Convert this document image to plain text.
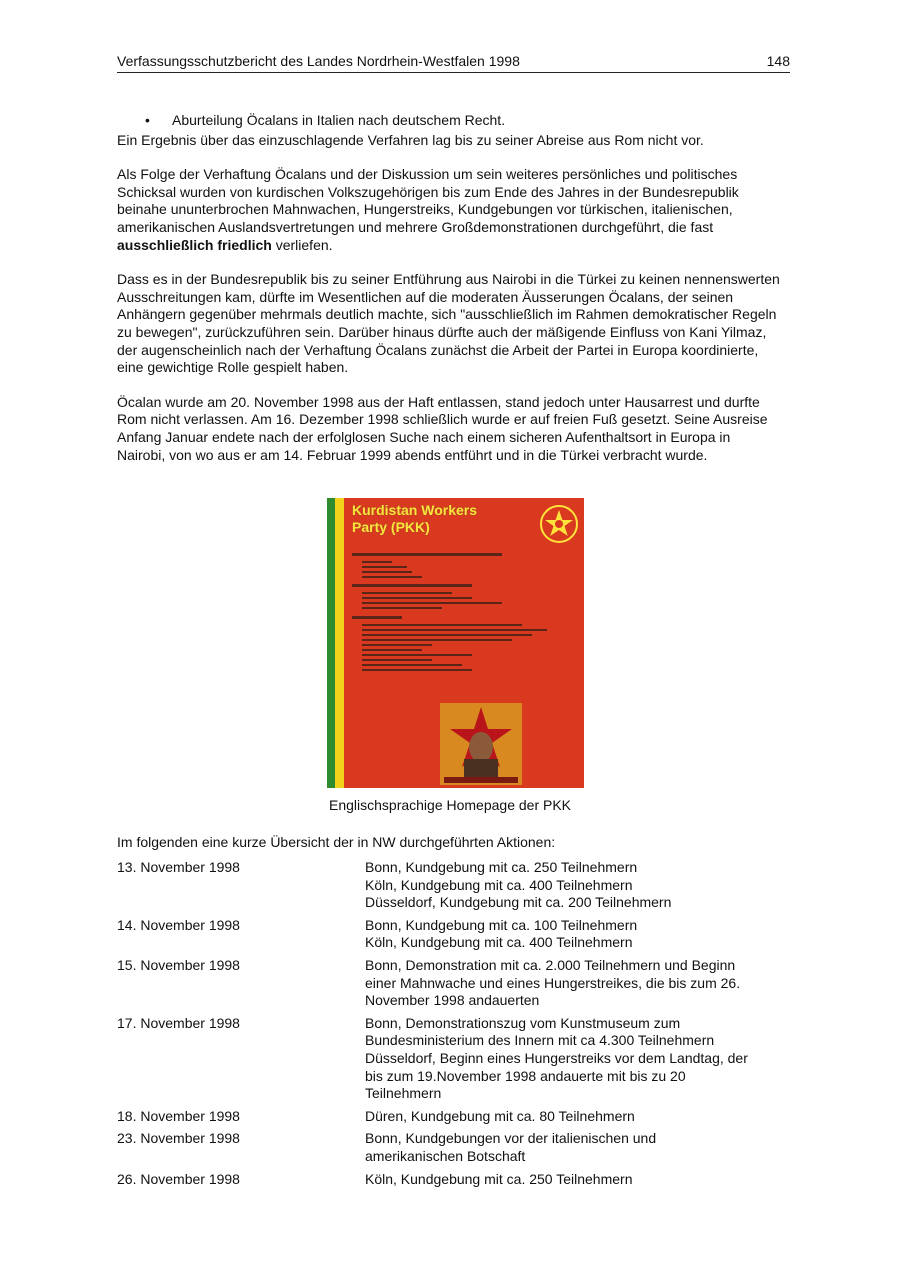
Verfassungsschutzbericht des Landes Nordrhein-Westfalen 1998	148
• Aburteilung Öcalans in Italien nach deutschem Recht.

Ein Ergebnis über das einzuschlagende Verfahren lag bis zu seiner Abreise aus Rom nicht vor.

Als Folge der Verhaftung Öcalans und der Diskussion um sein weiteres persönliches und politisches Schicksal wurden von kurdischen Volkszugehörigen bis zum Ende des Jahres in der Bundesrepublik beinahe ununterbrochen Mahnwachen, Hungerstreiks, Kundgebungen vor türkischen, italienischen, amerikanischen Auslandsvertretungen und mehrere Großdemonstrationen durchgeführt, die fast ausschließlich friedlich verliefen.

Dass es in der Bundesrepublik bis zu seiner Entführung aus Nairobi in die Türkei zu keinen nennenswerten Ausschreitungen kam, dürfte im Wesentlichen auf die moderaten Äusserungen Öcalans, der seinen Anhängern gegenüber mehrmals deutlich machte, sich "ausschließlich im Rahmen demokratischer Regeln zu bewegen", zurückzuführen sein. Darüber hinaus dürfte auch der mäßigende Einfluss von Kani Yilmaz, der augenscheinlich nach der Verhaftung Öcalans zunächst die Arbeit der Partei in Europa koordinierte, eine gewichtige Rolle gespielt haben.

Öcalan wurde am 20. November 1998 aus der Haft entlassen, stand jedoch unter Hausarrest und durfte Rom nicht verlassen. Am 16. Dezember 1998 schließlich wurde er auf freien Fuß gesetzt. Seine Ausreise Anfang Januar endete nach der erfolglosen Suche nach einem sicheren Aufenthaltsort in Europa in Nairobi, von wo aus er am 14. Februar 1999 abends entführt und in die Türkei verbracht wurde.

Kurdistan Workers
Party (PKK)
Englischsprachige Homepage der PKK
Im folgenden eine kurze Übersicht der in NW durchgeführten Aktionen:
13. November 1998	Bonn, Kundgebung mit ca. 250 Teilnehmern
Köln, Kundgebung mit ca. 400 Teilnehmern
Düsseldorf, Kundgebung mit ca. 200 Teilnehmern
14. November 1998	Bonn, Kundgebung mit ca. 100 Teilnehmern
Köln, Kundgebung mit ca. 400 Teilnehmern
15. November 1998	Bonn, Demonstration mit ca. 2.000 Teilnehmern und Beginn
einer Mahnwache und eines Hungerstreikes, die bis zum 26.
November 1998 andauerten
17. November 1998	Bonn, Demonstrationszug vom Kunstmuseum zum
Bundesministerium des Innern mit ca 4.300 Teilnehmern
Düsseldorf, Beginn eines Hungerstreiks vor dem Landtag, der
bis zum 19.November 1998 andauerte mit bis zu 20
Teilnehmern
18. November 1998	Düren, Kundgebung mit ca. 80 Teilnehmern
23. November 1998	Bonn, Kundgebungen vor der italienischen und
amerikanischen Botschaft
26. November 1998	Köln, Kundgebung mit ca. 250 Teilnehmern
